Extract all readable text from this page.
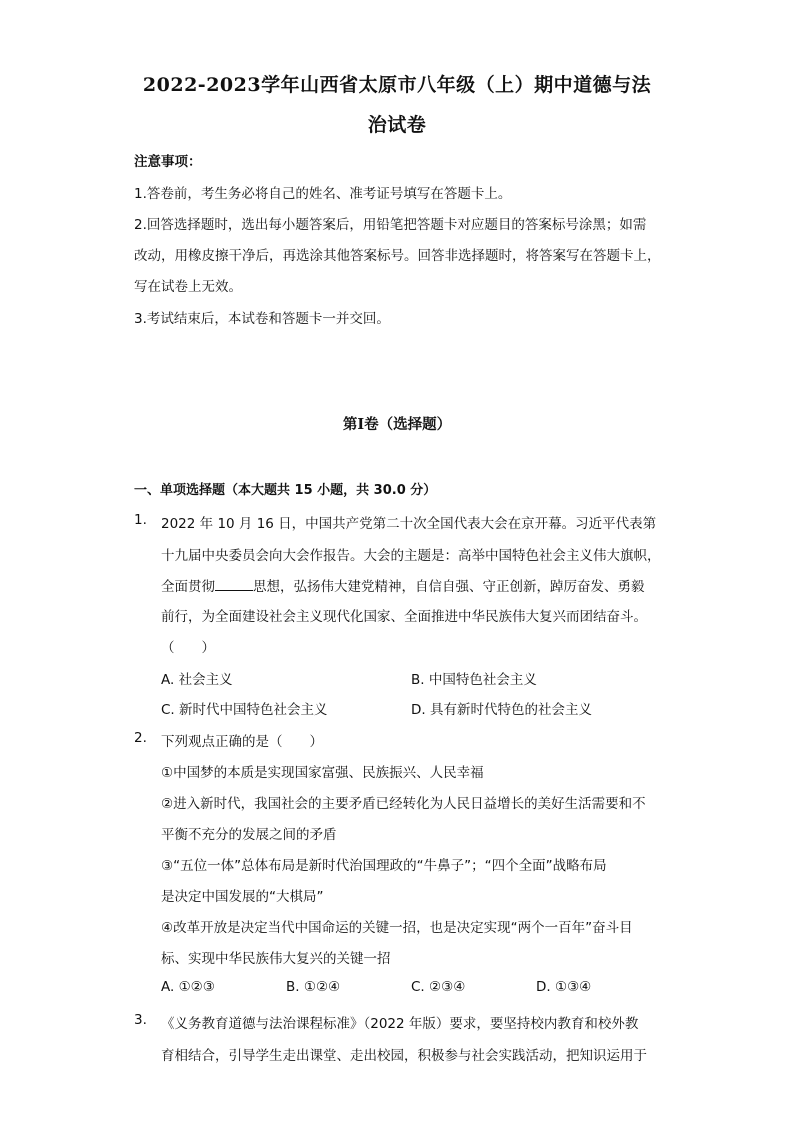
2022-2023学年山西省太原市八年级（上）期中道德与法
治试卷
注意事项：
1.答卷前，考生务必将自己的姓名、准考证号填写在答题卡上。
2.回答选择题时，选出每小题答案后，用铅笔把答题卡对应题目的答案标号涂黑；如需
改动，用橡皮擦干净后，再选涂其他答案标号。回答非选择题时，将答案写在答题卡上，
写在试卷上无效。
3.考试结束后，本试卷和答题卡一并交回。
第Ⅰ卷（选择题）
一、单项选择题（本大题共 15 小题，共 30.0 分）
1. 2022 年 10 月 16 日，中国共产党第二十次全国代表大会在京开幕。习近平代表第
十九届中央委员会向大会作报告。大会的主题是：高举中国特色社会主义伟大旗帜，
全面贯彻	思想，弘扬伟大建党精神，自信自强、守正创新，踔厉奋发、勇毅
前行，为全面建设社会主义现代化国家、全面推进中华民族伟大复兴而团结奋斗。
（　　）
A. 社会主义	B. 中国特色社会主义
C. 新时代中国特色社会主义	D. 具有新时代特色的社会主义
2. 下列观点正确的是（　　）
①中国梦的本质是实现国家富强、民族振兴、人民幸福
②进入新时代，我国社会的主要矛盾已经转化为人民日益增长的美好生活需要和不
平衡不充分的发展之间的矛盾
③“五位一体”总体布局是新时代治国理政的“牛鼻子”；“四个全面”战略布局
是决定中国发展的“大棋局”
④改革开放是决定当代中国命运的关键一招，也是决定实现“两个一百年”奋斗目
标、实现中华民族伟大复兴的关键一招
A. ①②③	B. ①②④	C. ②③④	D. ①③④
3. 《义务教育道德与法治课程标准》（2022 年版）要求，要坚持校内教育和校外教
育相结合，引导学生走出课堂、走出校园，积极参与社会实践活动，把知识运用于
